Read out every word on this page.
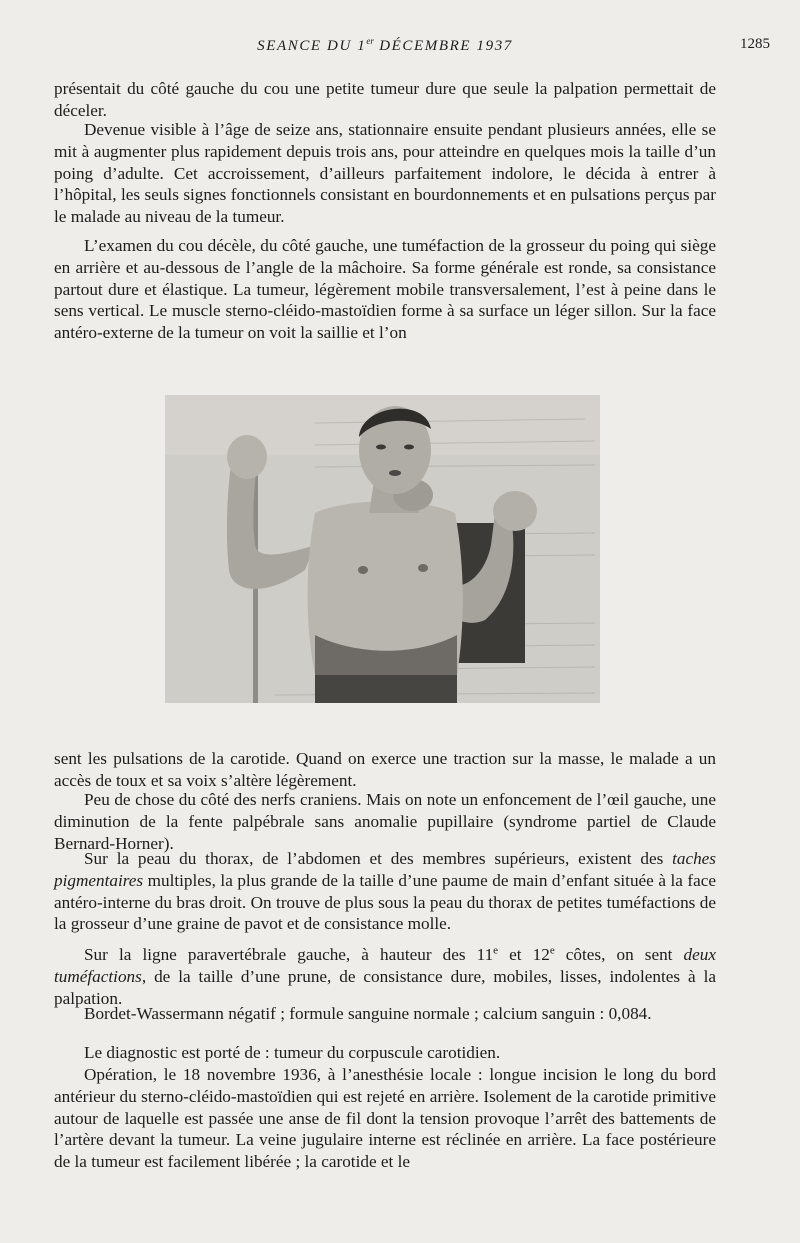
SEANCE DU 1er DÉCEMBRE 1937	1285

présentait du côté gauche du cou une petite tumeur dure que seule la palpation permettait de déceler.

Devenue visible à l’âge de seize ans, stationnaire ensuite pendant plusieurs années, elle se mit à augmenter plus rapidement depuis trois ans, pour atteindre en quelques mois la taille d’un poing d’adulte. Cet accroissement, d’ailleurs parfaitement indolore, le décida à entrer à l’hôpital, les seuls signes fonctionnels consistant en bourdonnements et en pulsations perçus par le malade au niveau de la tumeur.

L’examen du cou décèle, du côté gauche, une tuméfaction de la grosseur du poing qui siège en arrière et au-dessous de l’angle de la mâchoire. Sa forme générale est ronde, sa consistance partout dure et élastique. La tumeur, légèrement mobile transversalement, l’est à peine dans le sens vertical. Le muscle sterno-cléido-mastoïdien forme à sa surface un léger sillon. Sur la face antéro-externe de la tumeur on voit la saillie et l’on

sent les pulsations de la carotide. Quand on exerce une traction sur la masse, le malade a un accès de toux et sa voix s’altère légèrement.

Peu de chose du côté des nerfs craniens. Mais on note un enfoncement de l’œil gauche, une diminution de la fente palpébrale sans anomalie pupillaire (syndrome partiel de Claude Bernard-Horner).

Sur la peau du thorax, de l’abdomen et des membres supérieurs, existent des taches pigmentaires multiples, la plus grande de la taille d’une paume de main d’enfant située à la face antéro-interne du bras droit. On trouve de plus sous la peau du thorax de petites tuméfactions de la grosseur d’une graine de pavot et de consistance molle.

Sur la ligne paravertébrale gauche, à hauteur des 11e et 12e côtes, on sent deux tuméfactions, de la taille d’une prune, de consistance dure, mobiles, lisses, indolentes à la palpation.

Bordet-Wassermann négatif ; formule sanguine normale ; calcium sanguin : 0,084.

Le diagnostic est porté de : tumeur du corpuscule carotidien.

Opération, le 18 novembre 1936, à l’anesthésie locale : longue incision le long du bord antérieur du sterno-cléido-mastoïdien qui est rejeté en arrière. Isolement de la carotide primitive autour de laquelle est passée une anse de fil dont la tension provoque l’arrêt des battements de l’artère devant la tumeur. La veine jugulaire interne est réclinée en arrière. La face postérieure de la tumeur est facilement libérée ; la carotide et le
